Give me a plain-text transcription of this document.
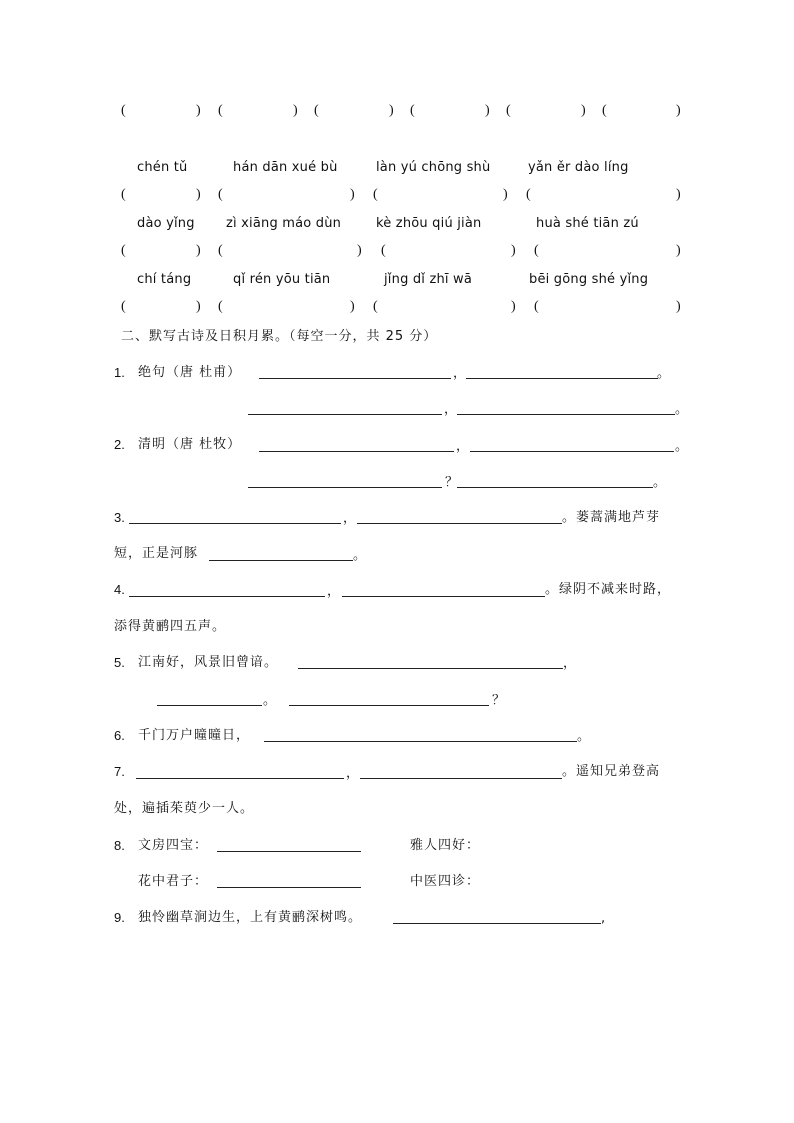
(	) (	) (	) (	) (	) (	)
chén tǔ	hán dān xué bù	làn yú chōng shù	yǎn ěr dào líng
(	) (	) (	) (	)
dào yǐng zì xiāng máo dùn	kè zhōu qiú jiàn	huà shé tiān zú
(	) (	) (	) (	)
chí táng	qǐ rén yōu tiān	jǐng dǐ zhī wā	bēi gōng shé yǐng
(	) (	) (	) (	)
二、默写古诗及日积月累。（每空一分，共 25 分）
1. 绝句（唐 杜甫）	，	。
，	。
2. 清明（唐 杜牧）	，	。
？	。
3.	，	。蒌蒿满地芦芽
短，正是河豚	。
4.	，	。绿阴不减来时路，
添得黄鹂四五声。
5. 江南好，风景旧曾谙。	，
。	？
6. 千门万户曈曈日，	。
7.	，	。遥知兄弟登高
处，遍插茱萸少一人。
8. 文房四宝：	雅人四好：
花中君子：	中医四诊：
9. 独怜幽草涧边生，上有黄鹂深树鸣。	,
